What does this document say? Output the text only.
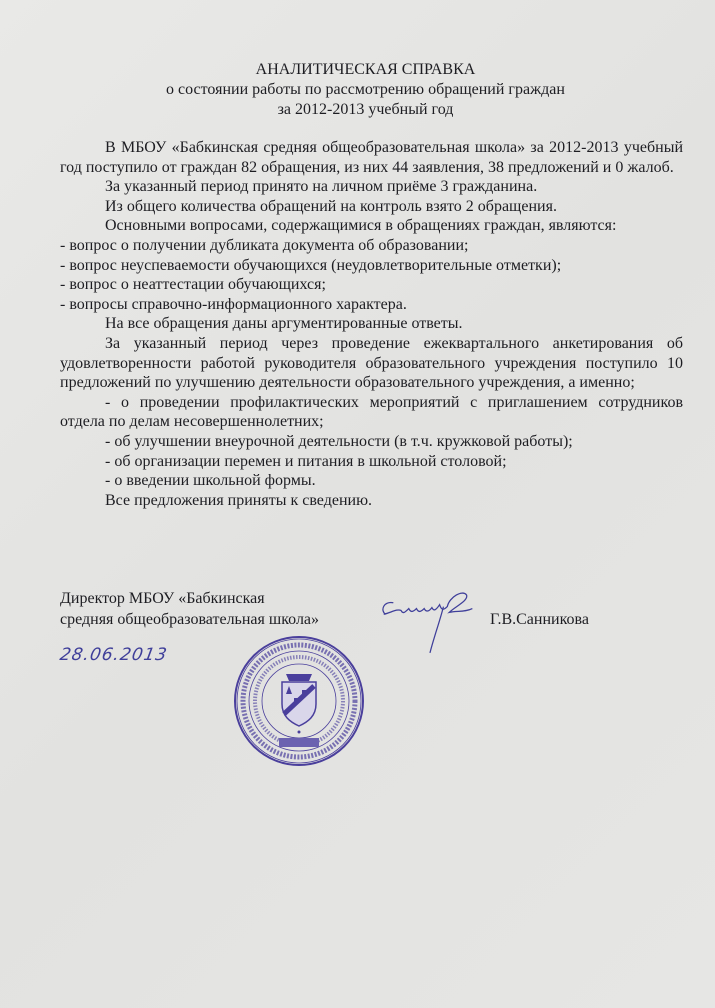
АНАЛИТИЧЕСКАЯ СПРАВКА
о состоянии работы по рассмотрению обращений граждан
за 2012-2013 учебный год

В МБОУ «Бабкинская средняя общеобразовательная школа» за 2012-2013 учебный год поступило от граждан 82 обращения, из них 44 заявления, 38 предложений и 0 жалоб.

За указанный период принято на личном приёме 3 гражданина.

Из общего количества обращений на контроль взято 2 обращения.

Основными вопросами, содержащимися в обращениях граждан, являются:

- вопрос о получении дубликата документа об образовании;

- вопрос неуспеваемости обучающихся (неудовлетворительные отметки);

- вопрос о неаттестации обучающихся;

- вопросы справочно-информационного характера.

На все обращения даны аргументированные ответы.

За указанный период через проведение ежеквартального анкетирования об удовлетворенности работой руководителя образовательного учреждения поступило 10 предложений по улучшению деятельности образовательного учреждения, а именно;

- о проведении профилактических мероприятий с приглашением сотрудников отдела по делам несовершеннолетних;

- об улучшении внеурочной деятельности (в т.ч. кружковой работы);

- об организации перемен и питания в школьной столовой;

- о введении школьной формы.

Все предложения приняты к сведению.

Директор МБОУ «Бабкинская
средняя общеобразовательная школа»	Г.В.Санникова
28.06.2013
